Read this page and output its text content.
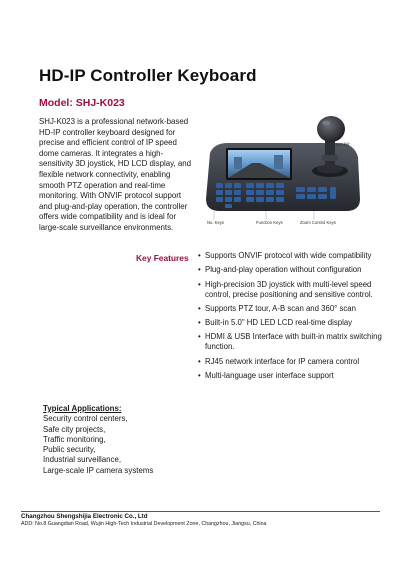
HD-IP Controller Keyboard
Model: SHJ-K023
SHJ-K023 is a professional network-based
HD-IP controller keyboard designed for
precise and efficient control of IP speed
dome cameras. It integrates a high-
sensitivity 3D joystick, HD LCD display, and
flexible network connectivity, enabling
smooth PTZ operation and real-time
monitoring. With ONVIF protocol support
and plug-and-play operation, the controller
offers wide compatibility and is ideal for
large-scale surveillance environments.
Joystcker
No. Keys	Function Keys	Zoom Control Keys
Key Features • Supports ONVIF protocol with wide compatibility
• Plug-and-play operation without configuration
• High-precision 3D joystick with multi-level speed
control, precise positioning and sensitive control.
• Supports PTZ tour, A-B scan and 360° scan
• Built-in 5.0" HD LED LCD real-time display
• HDMI & USB Interface with built-in matrix switching
function.
• RJ45 network interface for IP camera control
• Multi-language user interface support
Typical Applications:
Security control centers,
Safe city projects,
Traffic monitoring,
Public security,
Industrial surveillance,
Large-scale IP camera systems
Changzhou Shengshijia Electronic Co., Ltd
ADD: No.8 Guangdian Road, Wujin High-Tech Industrial Development Zone, Changzhou, Jiangsu, China
